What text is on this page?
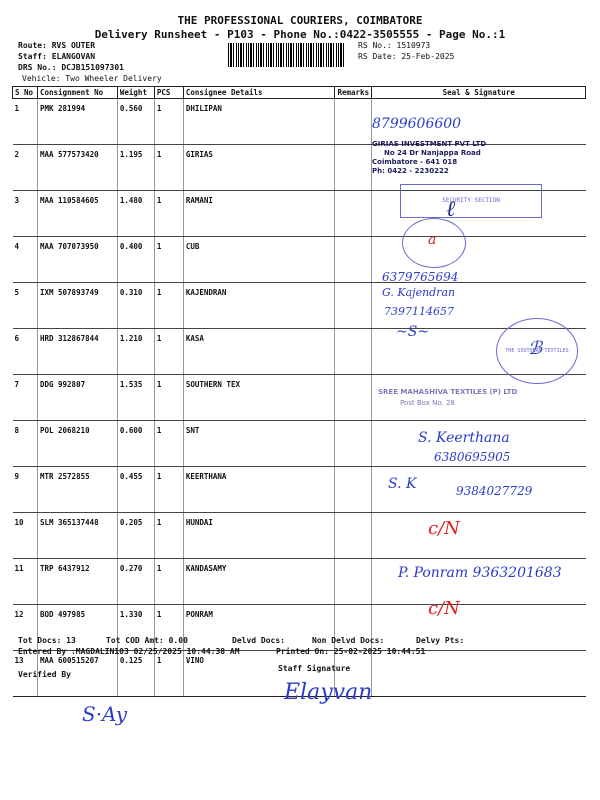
THE PROFESSIONAL COURIERS, COIMBATORE
Delivery Runsheet - P103 - Phone No.:0422-3505555 - Page No.:1
Route: RVS OUTER
Staff: ELANGOVAN
DRS No.: DCJB151097301
Vehicle: Two Wheeler Delivery
RS No.: 1510973
RS Date: 25-Feb-2025
S No	Consignment No	Weight	PCS	Consignee Details	Remarks	Seal & Signature
1	PMK 281994	0.560	1	DHILIPAN		
2	MAA 577573420	1.195	1	GIRIAS		
3	MAA 110584605	1.480	1	RAMANI		
4	MAA 707073950	0.400	1	CUB		
5	IXM 507893749	0.310	1	KAJENDRAN		
6	HRD 312867844	1.210	1	KASA		
7	DDG 992807	1.535	1	SOUTHERN TEX		
8	POL 2068210	0.600	1	SNT		
9	MTR 2572855	0.455	1	KEERTHANA		
10	SLM 365137448	0.205	1	HUNDAI		
11	TRP 6437912	0.270	1	KANDASAMY		
12	BOD 497985	1.330	1	PONRAM		
13	MAA 600515207	0.125	1	VINO		
8799606600
GIRIAS INVESTMENT PVT LTD
No 24 Dr Nanjappa Road
Coimbatore - 641 018
Ph: 0422 - 2230222
SECURITY SECTION
ℓ
a
6379765694
G. Kajendran
7397114657
~S~
THE SOUTHERN TEXTILES
ℬ
SREE MAHASHIVA TEXTILES (P) LTD
Post Box No. 28
S. Keerthana
6380695905
S. K	9384027729
c/N
P. Ponram 9363201683
c/N
Tot Docs: 13	Tot COD Amt: 0.00	Delvd Docs:	Non Delvd Docs:	Delvy Pts:
Entered By :MAGDALIN103 02/25/2025 10:44:38 AM	Printed On: 25-02-2025 10:44:51
Verified By
Staff Signature
S·Ay
Elayvan
